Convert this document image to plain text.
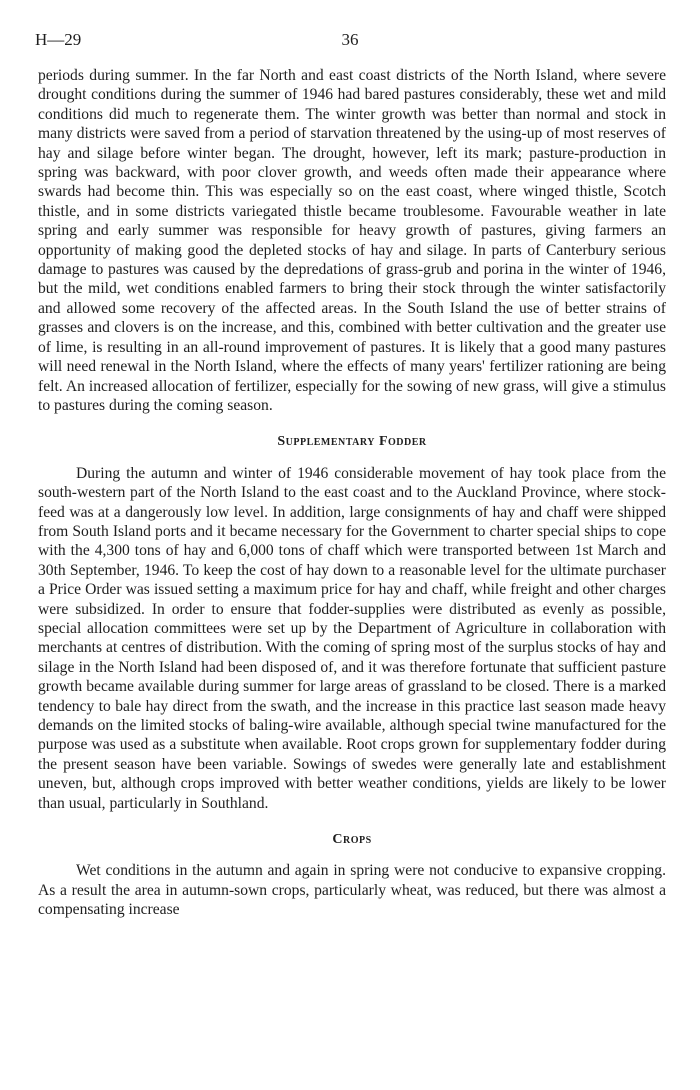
H—29	36

periods during summer. In the far North and east coast districts of the North Island, where severe drought conditions during the summer of 1946 had bared pastures considerably, these wet and mild conditions did much to regenerate them. The winter growth was better than normal and stock in many districts were saved from a period of starvation threatened by the using-up of most reserves of hay and silage before winter began. The drought, however, left its mark; pasture-production in spring was backward, with poor clover growth, and weeds often made their appearance where swards had become thin. This was especially so on the east coast, where winged thistle, Scotch thistle, and in some districts variegated thistle became troublesome. Favourable weather in late spring and early summer was responsible for heavy growth of pastures, giving farmers an opportunity of making good the depleted stocks of hay and silage. In parts of Canterbury serious damage to pastures was caused by the depredations of grass-grub and porina in the winter of 1946, but the mild, wet conditions enabled farmers to bring their stock through the winter satisfactorily and allowed some recovery of the affected areas. In the South Island the use of better strains of grasses and clovers is on the increase, and this, combined with better cultivation and the greater use of lime, is resulting in an all-round improvement of pastures. It is likely that a good many pastures will need renewal in the North Island, where the effects of many years' fertilizer rationing are being felt. An increased allocation of fertilizer, especially for the sowing of new grass, will give a stimulus to pastures during the coming season.

Supplementary Fodder

During the autumn and winter of 1946 considerable movement of hay took place from the south-western part of the North Island to the east coast and to the Auckland Province, where stock-feed was at a dangerously low level. In addition, large consignments of hay and chaff were shipped from South Island ports and it became necessary for the Government to charter special ships to cope with the 4,300 tons of hay and 6,000 tons of chaff which were transported between 1st March and 30th September, 1946. To keep the cost of hay down to a reasonable level for the ultimate purchaser a Price Order was issued setting a maximum price for hay and chaff, while freight and other charges were subsidized. In order to ensure that fodder-supplies were distributed as evenly as possible, special allocation committees were set up by the Department of Agriculture in collaboration with merchants at centres of distribution. With the coming of spring most of the surplus stocks of hay and silage in the North Island had been disposed of, and it was therefore fortunate that sufficient pasture growth became available during summer for large areas of grassland to be closed. There is a marked tendency to bale hay direct from the swath, and the increase in this practice last season made heavy demands on the limited stocks of baling-wire available, although special twine manufactured for the purpose was used as a substitute when available. Root crops grown for supplementary fodder during the present season have been variable. Sowings of swedes were generally late and establishment uneven, but, although crops improved with better weather conditions, yields are likely to be lower than usual, particularly in Southland.

Crops

Wet conditions in the autumn and again in spring were not conducive to expansive cropping. As a result the area in autumn-sown crops, particularly wheat, was reduced, but there was almost a compensating increase
